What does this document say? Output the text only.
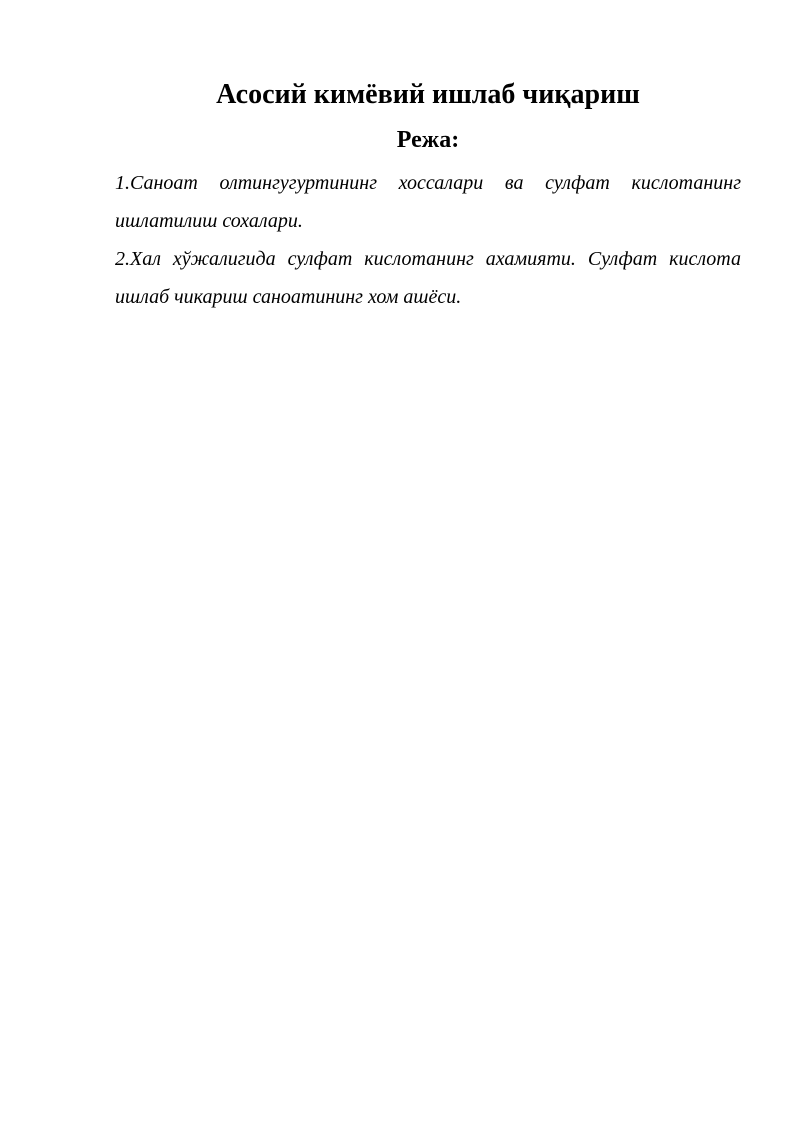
Асосий кимёвий ишлаб чиқариш
Режа:
1.Саноат олтингугуртининг хоссалари ва сулфат кислотанинг ишлатилиш сохалари.
2.Хал хўжалигида сулфат кислотанинг ахамияти. Сулфат кислота ишлаб чикариш саноатининг хом ашёси.
